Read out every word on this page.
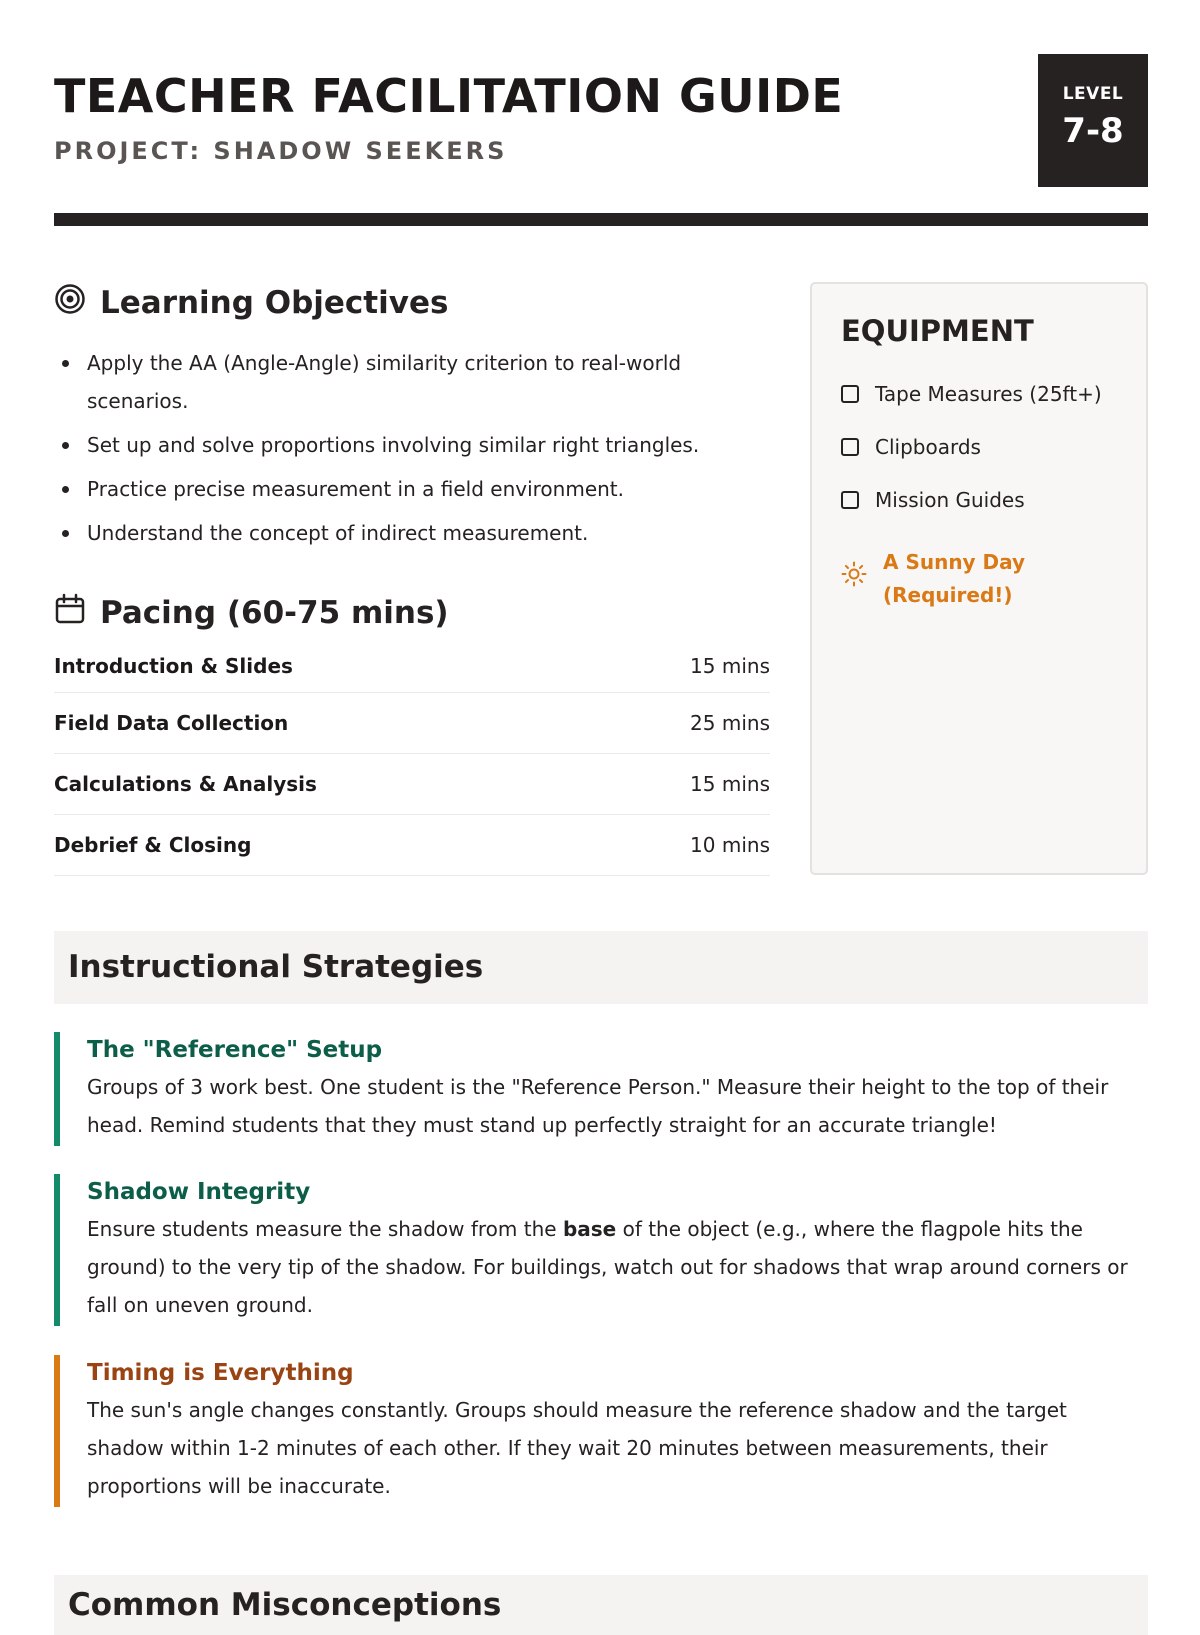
TEACHER FACILITATION GUIDE
PROJECT: SHADOW SEEKERS
LEVEL
7-8
Learning Objectives
Apply the AA (Angle-Angle) similarity criterion to real-world scenarios.
Set up and solve proportions involving similar right triangles.
Practice precise measurement in a field environment.
Understand the concept of indirect measurement.
Pacing (60-75 mins)
Introduction & Slides	15 mins
Field Data Collection	25 mins
Calculations & Analysis	15 mins
Debrief & Closing	10 mins
EQUIPMENT
Tape Measures (25ft+)
Clipboards
Mission Guides
A Sunny Day
(Required!)
Instructional Strategies
The "Reference" Setup

Groups of 3 work best. One student is the "Reference Person." Measure their height to the top of their head. Remind students that they must stand up perfectly straight for an accurate triangle!

Shadow Integrity

Ensure students measure the shadow from the base of the object (e.g., where the flagpole hits the ground) to the very tip of the shadow. For buildings, watch out for shadows that wrap around corners or fall on uneven ground.

Timing is Everything

The sun's angle changes constantly. Groups should measure the reference shadow and the target shadow within 1-2 minutes of each other. If they wait 20 minutes between measurements, their proportions will be inaccurate.

Common Misconceptions
